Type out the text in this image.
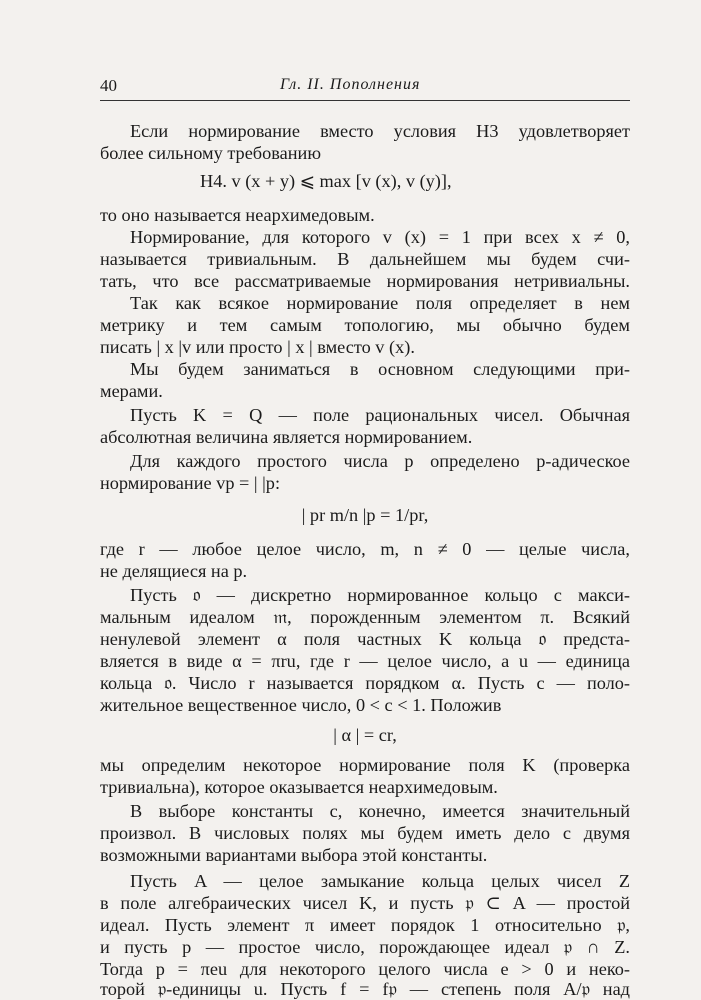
40	Гл. II. Пополнения
Если нормирование вместо условия Н3 удовлетворяет
более сильному требованию
Н4. v (x + y) ⩽ max [v (x), v (y)],
то оно называется неархимедовым.
Нормирование, для которого v (x) = 1 при всех x ≠ 0,
называется тривиальным. В дальнейшем мы будем счи-
тать, что все рассматриваемые нормирования нетривиальны.
Так как всякое нормирование поля определяет в нем
метрику и тем самым топологию, мы обычно будем
писать | x |v или просто | x | вместо v (x).
Мы будем заниматься в основном следующими при-
мерами.
Пусть K = Q — поле рациональных чисел. Обычная
абсолютная величина является нормированием.
Для каждого простого числа p определено p-адическое
нормирование vp = | |p:
| pr m/n |p = 1/pr,
где r — любое целое число, m, n ≠ 0 — целые числа,
не делящиеся на p.
Пусть 𝔬 — дискретно нормированное кольцо с макси-
мальным идеалом 𝔪, порожденным элементом π. Всякий
ненулевой элемент α поля частных K кольца 𝔬 предста-
вляется в виде α = πru, где r — целое число, а u — единица
кольца 𝔬. Число r называется порядком α. Пусть c — поло-
жительное вещественное число, 0 < c < 1. Положив
| α | = cr,
мы определим некоторое нормирование поля K (проверка
тривиальна), которое оказывается неархимедовым.
В выборе константы c, конечно, имеется значительный
произвол. В числовых полях мы будем иметь дело с двумя
возможными вариантами выбора этой константы.
Пусть A — целое замыкание кольца целых чисел Z
в поле алгебраических чисел K, и пусть 𝔭 ⊂ A — простой
идеал. Пусть элемент π имеет порядок 1 относительно 𝔭,
и пусть p — простое число, порождающее идеал 𝔭 ∩ Z.
Тогда p = πeu для некоторого целого числа e > 0 и неко-
торой 𝔭-единицы u. Пусть f = f𝔭 — степень поля A/𝔭 над
